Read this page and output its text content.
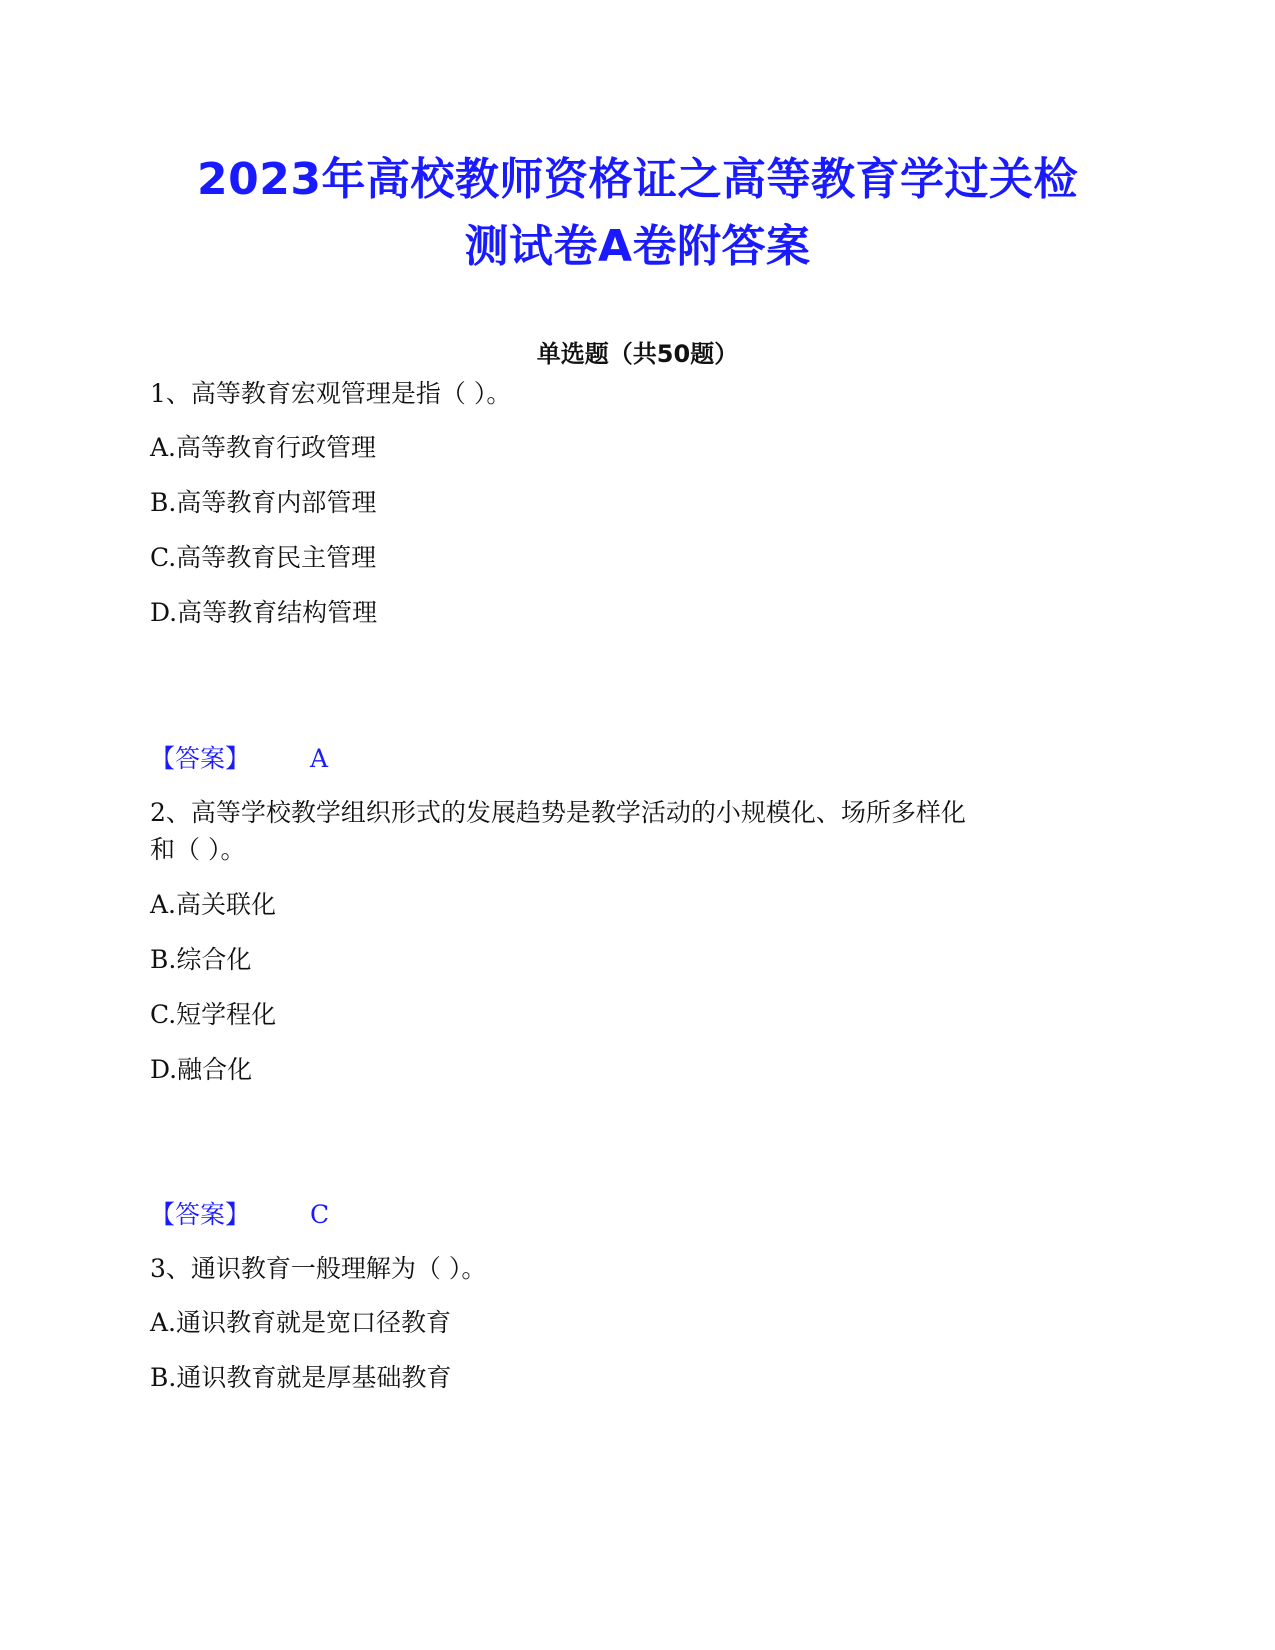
2023年高校教师资格证之高等教育学过关检
测试卷A卷附答案
单选题（共50题）
1、高等教育宏观管理是指（ ）。
A.高等教育行政管理
B.高等教育内部管理
C.高等教育民主管理
D.高等教育结构管理
【答案】 A
2、高等学校教学组织形式的发展趋势是教学活动的小规模化、场所多样化
和（ ）。
A.高关联化
B.综合化
C.短学程化
D.融合化
【答案】 C
3、通识教育一般理解为（ ）。
A.通识教育就是宽口径教育
B.通识教育就是厚基础教育
